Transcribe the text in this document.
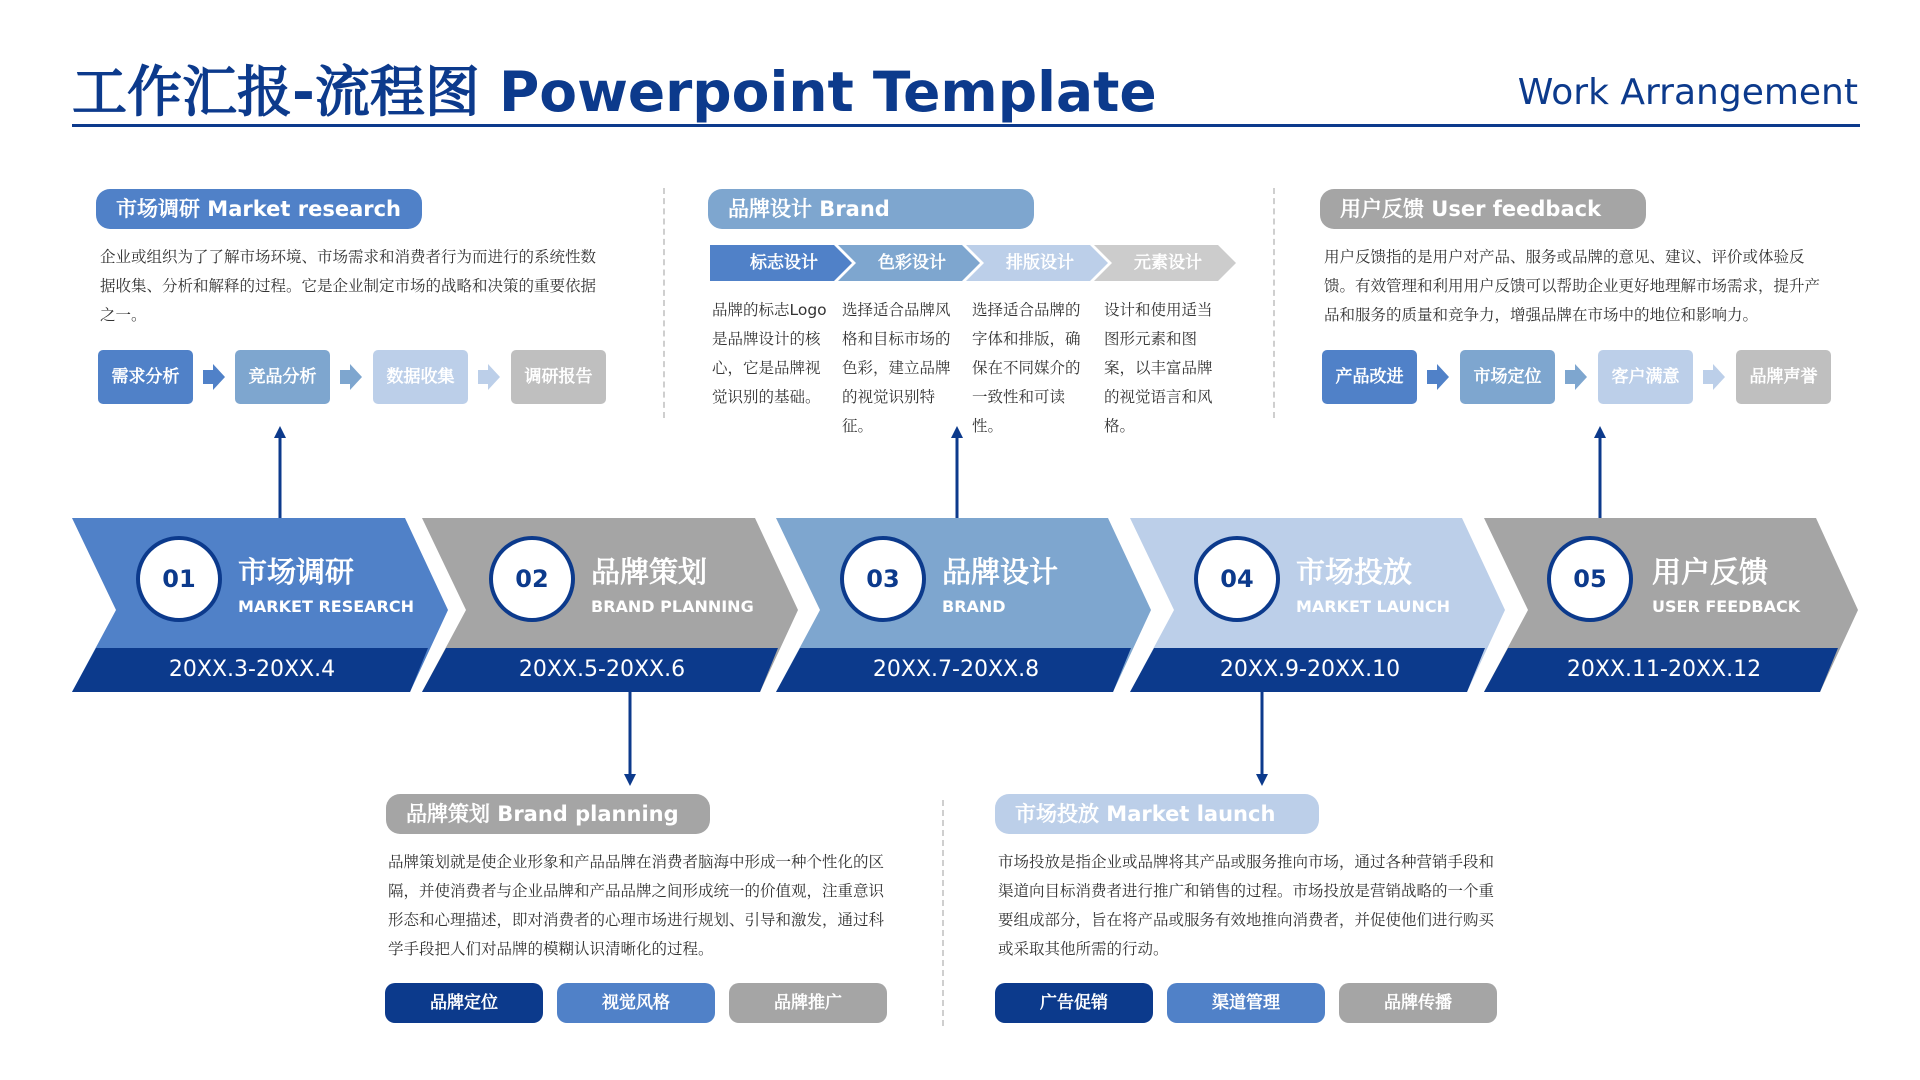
工作汇报-流程图 Powerpoint Template	Work Arrangement
01	市场调研
MARKET RESEARCH
20XX.3-20XX.4
02	品牌策划
BRAND PLANNING
20XX.5-20XX.6
03	品牌设计
BRAND
20XX.7-20XX.8
04	市场投放
MARKET LAUNCH
20XX.9-20XX.10
05	用户反馈
USER FEEDBACK
20XX.11-20XX.12
市场调研 Market research
企业或组织为了了解市场环境、市场需求和消费者行为而进行的系统性数据收集、分析和解释的过程。它是企业制定市场的战略和决策的重要依据之一。
需求分析	竞品分析	数据收集	调研报告
品牌设计 Brand
标志设计	色彩设计	排版设计	元素设计
品牌的标志Logo是品牌设计的核心，它是品牌视觉识别的基础。
选择适合品牌风格和目标市场的色彩，建立品牌的视觉识别特征。
选择适合品牌的字体和排版，确保在不同媒介的一致性和可读性。
设计和使用适当图形元素和图案，以丰富品牌的视觉语言和风格。
用户反馈 User feedback
用户反馈指的是用户对产品、服务或品牌的意见、建议、评价或体验反馈。有效管理和利用用户反馈可以帮助企业更好地理解市场需求，提升产品和服务的质量和竞争力，增强品牌在市场中的地位和影响力。
产品改进	市场定位	客户满意	品牌声誉
品牌策划 Brand planning
品牌策划就是使企业形象和产品品牌在消费者脑海中形成一种个性化的区隔，并使消费者与企业品牌和产品品牌之间形成统一的价值观，注重意识形态和心理描述，即对消费者的心理市场进行规划、引导和激发，通过科学手段把人们对品牌的模糊认识清晰化的过程。
品牌定位	视觉风格	品牌推广
市场投放 Market launch
市场投放是指企业或品牌将其产品或服务推向市场，通过各种营销手段和渠道向目标消费者进行推广和销售的过程。市场投放是营销战略的一个重要组成部分，旨在将产品或服务有效地推向消费者，并促使他们进行购买或采取其他所需的行动。
广告促销	渠道管理	品牌传播
